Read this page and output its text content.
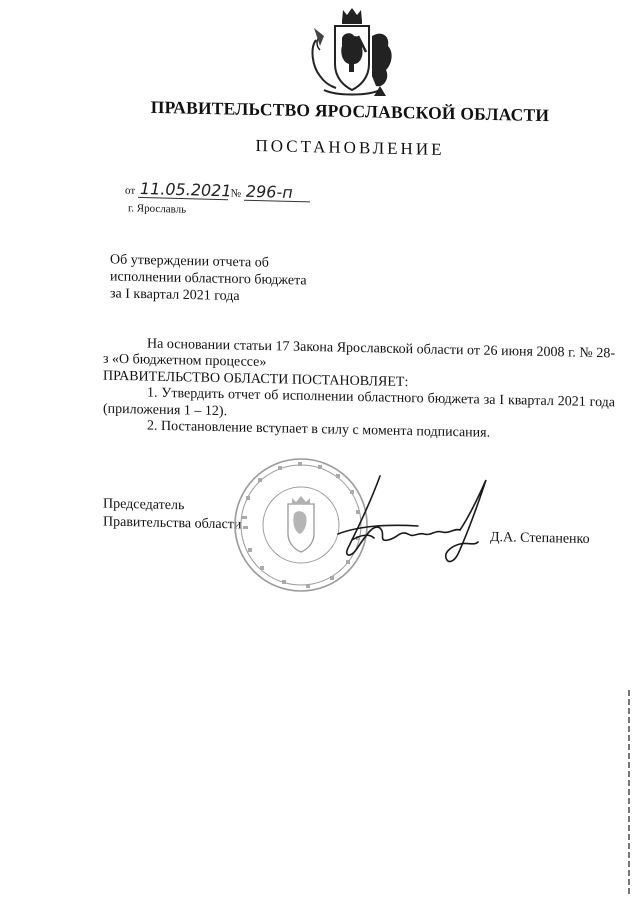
ПРАВИТЕЛЬСТВО ЯРОСЛАВСКОЙ ОБЛАСТИ
ПОСТАНОВЛЕНИЕ
от 11.05.2021 № 296-п
г. Ярославль
Об утверждении отчета об
исполнении областного бюджета
за I квартал 2021 года

На основании статьи 17 Закона Ярославской области от 26 июня 2008 г. № 28-з «О бюджетном процессе»

ПРАВИТЕЛЬСТВО ОБЛАСТИ ПОСТАНОВЛЯЕТ:

1. Утвердить отчет об исполнении областного бюджета за I квартал 2021 года (приложения 1 – 12).

2. Постановление вступает в силу с момента подписания.

Председатель
Правительства области
Д.А. Степаненко
